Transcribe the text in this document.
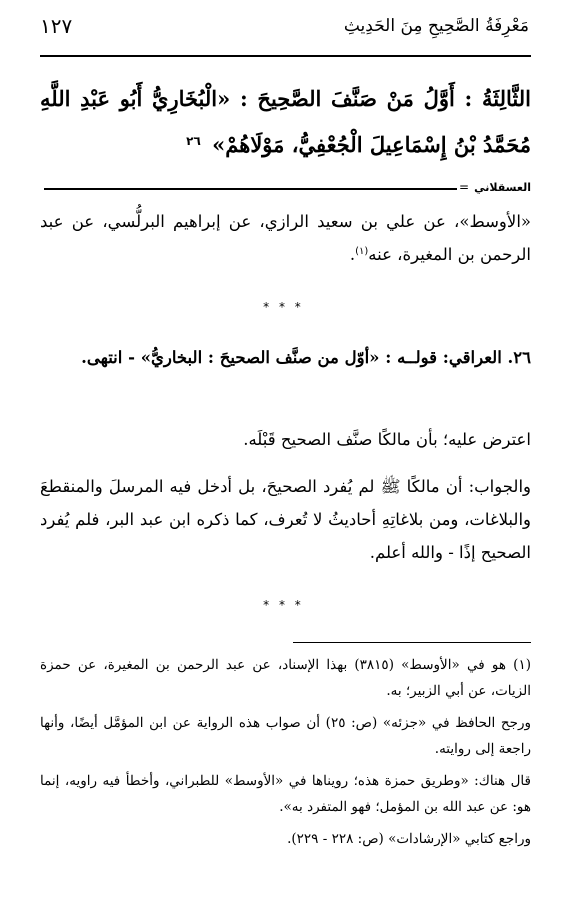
مَعْرِفَةُ الصَّحِيحِ مِنَ الحَدِيثِ
١٢٧
الثَّالِثَةُ : أَوَّلُ مَنْ صَنَّفَ الصَّحِيحَ : «الْبُخَارِيُّ أَبُو عَبْدِ اللَّهِ مُحَمَّدُ بْنُ إِسْمَاعِيلَ الْجُعْفِيُّ، مَوْلَاهُمْ» $^{٢٦}$
العسقلاني
=
«الأوسط»، عن علي بن سعيد الرازي، عن إبراهيم البرلُّسي، عن عبد الرحمن بن المغيرة، عنه$^{(١)}$.
* * *
٢٦. العراقي: قولــه : «أوّل من صنَّف الصحيحَ : البخاريُّ» - انتهى.
اعترض عليه؛ بأن مالكًا صنَّف الصحيح قَبْلَه.
والجواب: أن مالكًا ﷺ لم يُفرد الصحيحَ، بل أدخل فيه المرسلَ والمنقطعَ والبلاغات، ومن بلاغاتِهِ أحاديثُ لا تُعرف، كما ذكره ابن عبد البر، فلم يُفرد الصحيح إذًا - والله أعلم.
* * *

(١) هو في «الأوسط» (٣٨١٥) بهذا الإسناد، عن عبد الرحمن بن المغيرة، عن حمزة الزيات، عن أبي الزبير؛ به.

ورجح الحافظ في «جزئه» (ص: ٢٥) أن صواب هذه الرواية عن ابن المؤمَّل أيضًا، وأنها راجعة إلى روايته.

قال هناك: «وطريق حمزة هذه؛ رويناها في «الأوسط» للطبراني، وأخطأ فيه راويه، إنما هو: عن عبد الله بن المؤمل؛ فهو المتفرد به».

وراجع كتابي «الإرشادات» (ص: ٢٢٨ - ٢٢٩).
